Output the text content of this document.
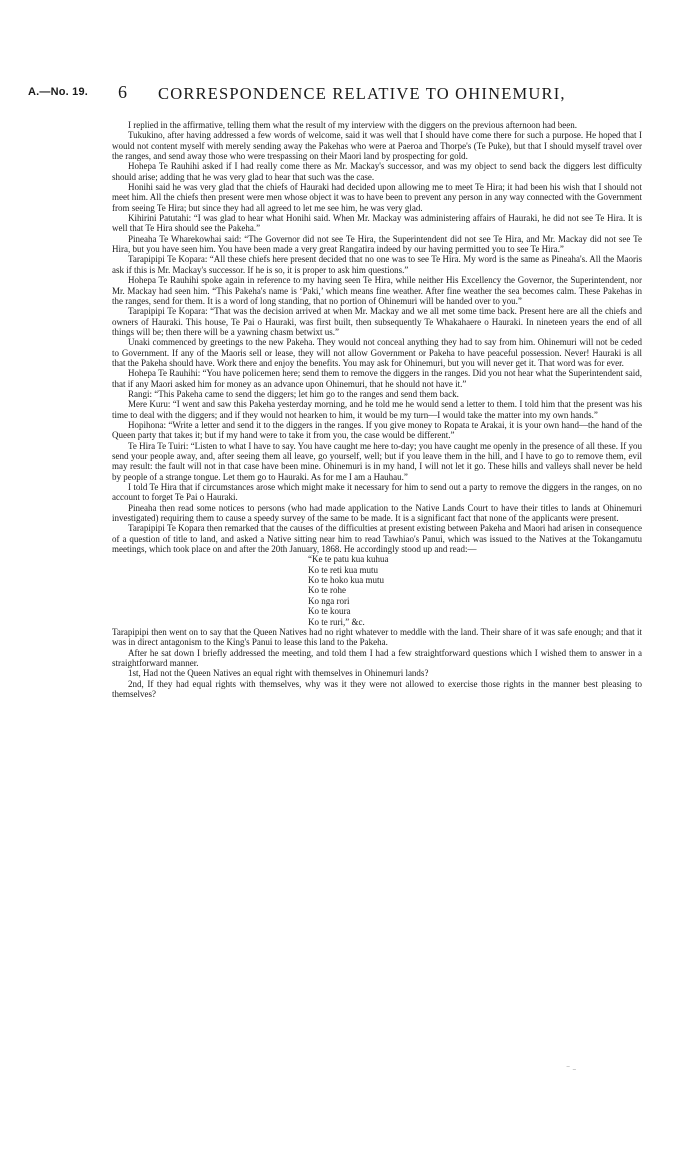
A.—No. 19. 6 CORRESPONDENCE RELATIVE TO OHINEMURI,

I replied in the affirmative, telling them what the result of my interview with the diggers on the previous afternoon had been.

Tukukino, after having addressed a few words of welcome, said it was well that I should have come there for such a purpose. He hoped that I would not content myself with merely sending away the Pakehas who were at Paeroa and Thorpe's (Te Puke), but that I should myself travel over the ranges, and send away those who were trespassing on their Maori land by prospecting for gold.

Hohepa Te Rauhihi asked if I had really come there as Mr. Mackay's successor, and was my object to send back the diggers lest difficulty should arise; adding that he was very glad to hear that such was the case.

Honihi said he was very glad that the chiefs of Hauraki had decided upon allowing me to meet Te Hira; it had been his wish that I should not meet him. All the chiefs then present were men whose object it was to have been to prevent any person in any way connected with the Government from seeing Te Hira; but since they had all agreed to let me see him, he was very glad.

Kihirini Patutahi: “I was glad to hear what Honihi said. When Mr. Mackay was administering affairs of Hauraki, he did not see Te Hira. It is well that Te Hira should see the Pakeha.”

Pineaha Te Wharekowhai said: “The Governor did not see Te Hira, the Superintendent did not see Te Hira, and Mr. Mackay did not see Te Hira, but you have seen him. You have been made a very great Rangatira indeed by our having permitted you to see Te Hira.”

Tarapipipi Te Kopara: “All these chiefs here present decided that no one was to see Te Hira. My word is the same as Pineaha's. All the Maoris ask if this is Mr. Mackay's successor. If he is so, it is proper to ask him questions.”

Hohepa Te Rauhihi spoke again in reference to my having seen Te Hira, while neither His Excellency the Governor, the Superintendent, nor Mr. Mackay had seen him. “This Pakeha's name is ‘Paki,’ which means fine weather. After fine weather the sea becomes calm. These Pakehas in the ranges, send for them. It is a word of long standing, that no portion of Ohinemuri will be handed over to you.”

Tarapipipi Te Kopara: “That was the decision arrived at when Mr. Mackay and we all met some time back. Present here are all the chiefs and owners of Hauraki. This house, Te Pai o Hauraki, was first built, then subsequently Te Whakahaere o Hauraki. In nineteen years the end of all things will be; then there will be a yawning chasm betwixt us.”

Unaki commenced by greetings to the new Pakeha. They would not conceal anything they had to say from him. Ohinemuri will not be ceded to Government. If any of the Maoris sell or lease, they will not allow Government or Pakeha to have peaceful possession. Never! Hauraki is all that the Pakeha should have. Work there and enjoy the benefits. You may ask for Ohinemuri, but you will never get it. That word was for ever.

Hohepa Te Rauhihi: “You have policemen here; send them to remove the diggers in the ranges. Did you not hear what the Superintendent said, that if any Maori asked him for money as an advance upon Ohinemuri, that he should not have it.”

Rangi: “This Pakeha came to send the diggers; let him go to the ranges and send them back.

Mere Kuru: “I went and saw this Pakeha yesterday morning, and he told me he would send a letter to them. I told him that the present was his time to deal with the diggers; and if they would not hearken to him, it would be my turn—I would take the matter into my own hands.”

Hopihona: “Write a letter and send it to the diggers in the ranges. If you give money to Ropata te Arakai, it is your own hand—the hand of the Queen party that takes it; but if my hand were to take it from you, the case would be different.”

Te Hira Te Tuiri: “Listen to what I have to say. You have caught me here to-day; you have caught me openly in the presence of all these. If you send your people away, and, after seeing them all leave, go yourself, well; but if you leave them in the hill, and I have to go to remove them, evil may result: the fault will not in that case have been mine. Ohinemuri is in my hand, I will not let it go. These hills and valleys shall never be held by people of a strange tongue. Let them go to Hauraki. As for me I am a Hauhau.”

I told Te Hira that if circumstances arose which might make it necessary for him to send out a party to remove the diggers in the ranges, on no account to forget Te Pai o Hauraki.

Pineaha then read some notices to persons (who had made application to the Native Lands Court to have their titles to lands at Ohinemuri investigated) requiring them to cause a speedy survey of the same to be made. It is a significant fact that none of the applicants were present.

Tarapipipi Te Kopara then remarked that the causes of the difficulties at present existing between Pakeha and Maori had arisen in consequence of a question of title to land, and asked a Native sitting near him to read Tawhiao's Panui, which was issued to the Natives at the Tokangamutu meetings, which took place on and after the 20th January, 1868. He accordingly stood up and read:—

“Ke te patu kua kuhua
Ko te reti kua mutu
Ko te hoko kua mutu
Ko te rohe
Ko nga rori
Ko te koura
Ko te ruri,” &c.

Tarapipipi then went on to say that the Queen Natives had no right whatever to meddle with the land. Their share of it was safe enough; and that it was in direct antagonism to the King's Panui to lease this land to the Pakeha.

After he sat down I briefly addressed the meeting, and told them I had a few straightforward questions which I wished them to answer in a straightforward manner.

1st, Had not the Queen Natives an equal right with themselves in Ohinemuri lands?

2nd, If they had equal rights with themselves, why was it they were not allowed to exercise those rights in the manner best pleasing to themselves?

⁻ ₋
